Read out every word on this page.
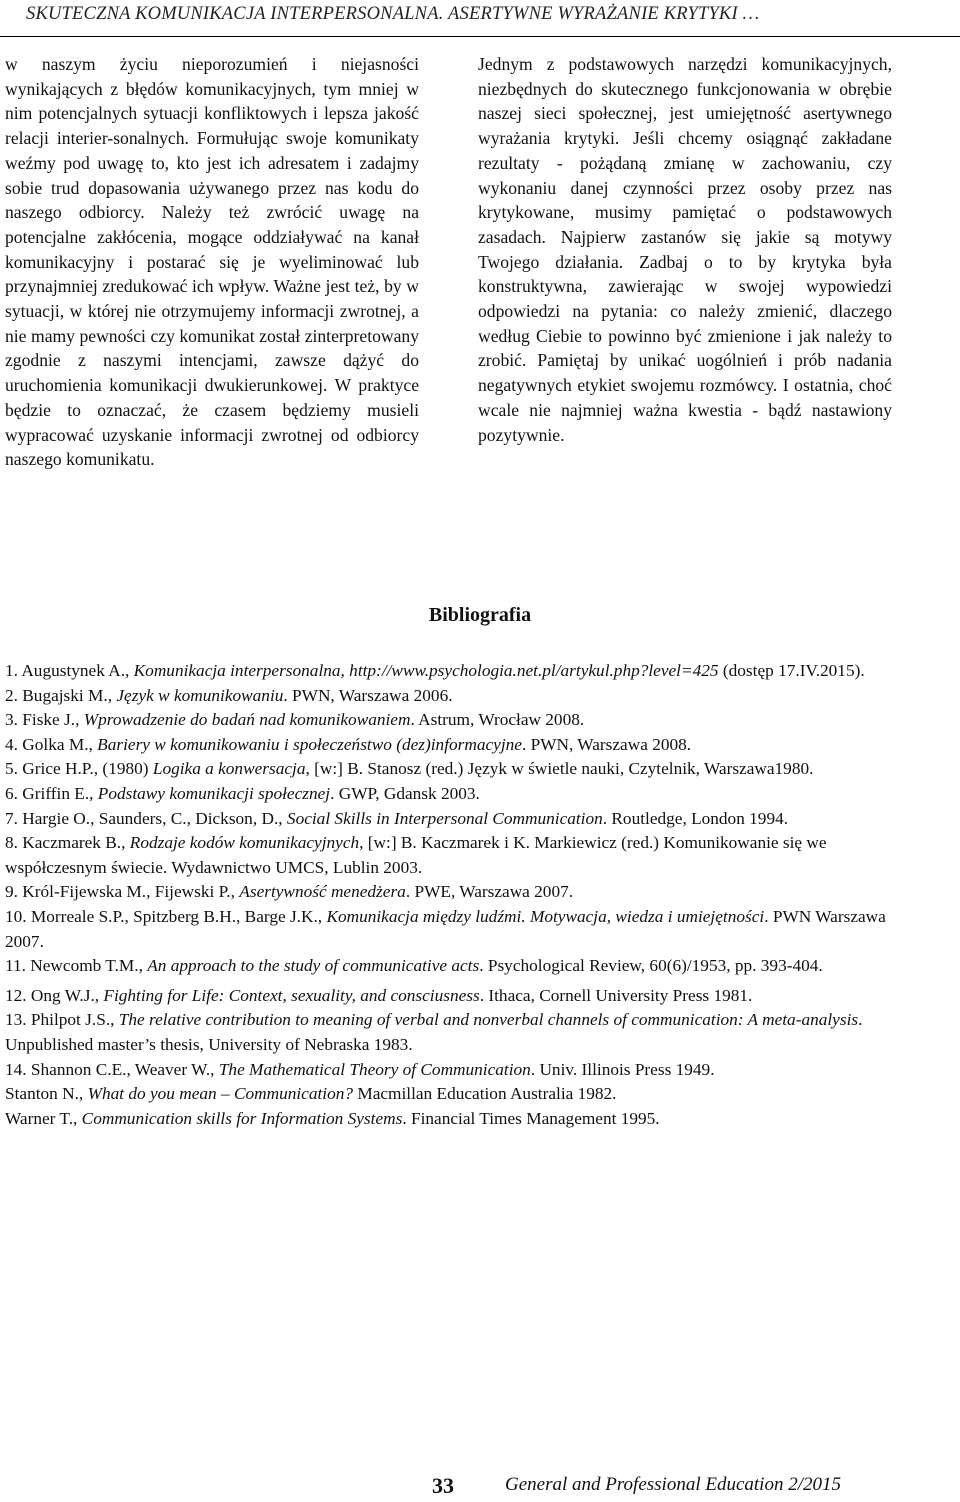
SKUTECZNA KOMUNIKACJA INTERPERSONALNA. ASERTYWNE WYRAŻANIE KRYTYKI …

w naszym życiu nieporozumień i niejasności wynikających z błędów komunikacyjnych, tym mniej w nim potencjalnych sytuacji konfliktowych i lepsza jakość relacji interier-sonalnych. Formułując swoje komunikaty weźmy pod uwagę to, kto jest ich adresatem i zadajmy sobie trud dopasowania używanego przez nas kodu do naszego odbiorcy. Należy też zwrócić uwagę na potencjalne zakłócenia, mogące oddziaływać na kanał komunikacyjny i postarać się je wyeliminować lub przynajmniej zredukować ich wpływ. Ważne jest też, by w sytuacji, w której nie otrzymujemy informacji zwrotnej, a nie mamy pewności czy komunikat został zinterpretowany zgodnie z naszymi intencjami, zawsze dążyć do uruchomienia komunikacji dwukierunkowej. W praktyce będzie to oznaczać, że czasem będziemy musieli wypracować uzyskanie informacji zwrotnej od odbiorcy naszego komunikatu.

Jednym z podstawowych narzędzi komunikacyjnych, niezbędnych do skutecznego funkcjonowania w obrębie naszej sieci społecznej, jest umiejętność asertywnego wyrażania krytyki. Jeśli chcemy osiągnąć zakładane rezultaty - pożądaną zmianę w zachowaniu, czy wykonaniu danej czynności przez osoby przez nas krytykowane, musimy pamiętać o podstawowych zasadach. Najpierw zastanów się jakie są motywy Twojego działania. Zadbaj o to by krytyka była konstruktywna, zawierając w swojej wypowiedzi odpowiedzi na pytania: co należy zmienić, dlaczego według Ciebie to powinno być zmienione i jak należy to zrobić. Pamiętaj by unikać uogólnień i prób nadania negatywnych etykiet swojemu rozmówcy. I ostatnia, choć wcale nie najmniej ważna kwestia - bądź nastawiony pozytywnie.

Bibliografia

1. Augustynek A., Komunikacja interpersonalna, http://www.psychologia.net.pl/artykul.php?level=425 (dostęp 17.IV.2015).

2. Bugajski M., Język w komunikowaniu. PWN, Warszawa 2006.

3. Fiske J., Wprowadzenie do badań nad komunikowaniem. Astrum, Wrocław 2008.

4. Golka M., Bariery w komunikowaniu i społeczeństwo (dez)informacyjne. PWN, Warszawa 2008.

5. Grice H.P., (1980) Logika a konwersacja, [w:] B. Stanosz (red.) Język w świetle nauki, Czytelnik, Warszawa1980.

6. Griffin E., Podstawy komunikacji społecznej. GWP, Gdansk 2003.

7. Hargie O., Saunders, C., Dickson, D., Social Skills in Interpersonal Communication. Routledge, London 1994.

8. Kaczmarek B., Rodzaje kodów komunikacyjnych, [w:] B. Kaczmarek i K. Markiewicz (red.) Komunikowanie się we współczesnym świecie. Wydawnictwo UMCS, Lublin 2003.

9. Król-Fijewska M., Fijewski P., Asertywność menedżera. PWE, Warszawa 2007.

10. Morreale S.P., Spitzberg B.H., Barge J.K., Komunikacja między ludźmi. Motywacja, wiedza i umiejętności. PWN Warszawa 2007.

11. Newcomb T.M., An approach to the study of communicative acts. Psychological Review, 60(6)/1953, pp. 393-404.

12. Ong W.J., Fighting for Life: Context, sexuality, and consciusness. Ithaca, Cornell University Press 1981.

13. Philpot J.S., The relative contribution to meaning of verbal and nonverbal channels of communication: A meta-analysis. Unpublished master’s thesis, University of Nebraska 1983.

14. Shannon C.E., Weaver W., The Mathematical Theory of Communication. Univ. Illinois Press 1949.

Stanton N., What do you mean – Communication? Macmillan Education Australia 1982.

Warner T., Communication skills for Information Systems. Financial Times Management 1995.

33	General and Professional Education 2/2015
